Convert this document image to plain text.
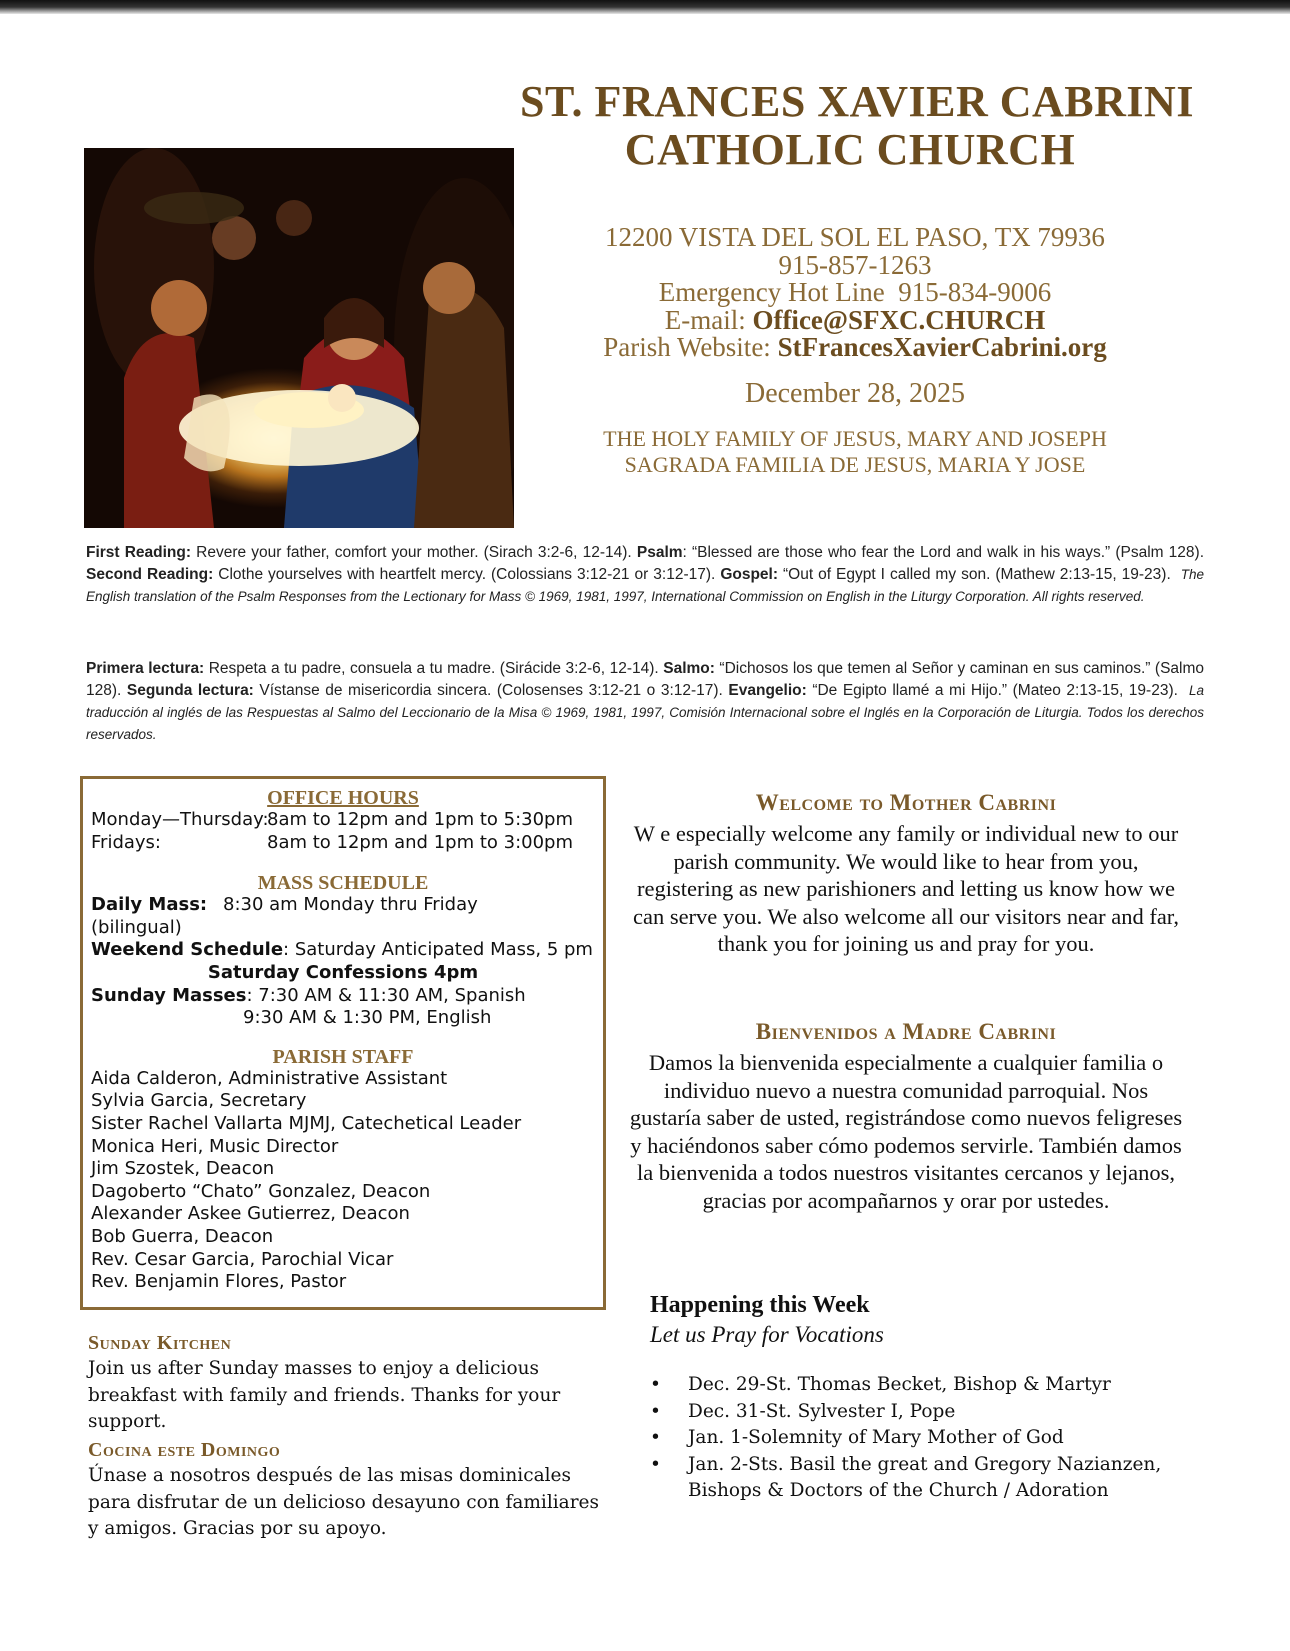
ST. FRANCES XAVIER CABRINI
CATHOLIC CHURCH
12200 VISTA DEL SOL EL PASO, TX 79936
915-857-1263
Emergency Hot Line 915-834-9006
E-mail: Office@SFXC.CHURCH
Parish Website: StFrancesXavierCabrini.org
December 28, 2025
THE HOLY FAMILY OF JESUS, MARY AND JOSEPH
SAGRADA FAMILIA DE JESUS, MARIA Y JOSE
First Reading: Revere your father, comfort your mother. (Sirach 3:2-6, 12-14). Psalm: “Blessed are those who fear the Lord and walk in his ways.” (Psalm 128). Second Reading: Clothe yourselves with heartfelt mercy. (Colossians 3:12-21 or 3:12-17). Gospel: “Out of Egypt I called my son. (Mathew 2:13-15, 19-23).  The English translation of the Psalm Responses from the Lectionary for Mass © 1969, 1981, 1997, International Commission on English in the Liturgy Corporation. All rights reserved.
Primera lectura: Respeta a tu padre, consuela a tu madre. (Sirácide 3:2-6, 12-14). Salmo: “Dichosos los que temen al Señor y caminan en sus caminos.” (Salmo 128). Segunda lectura: Vístanse de misericordia sincera. (Colosenses 3:12-21 o 3:12-17). Evangelio: “De Egipto llamé a mi Hijo.” (Mateo 2:13-15, 19-23).  La traducción al inglés de las Respuestas al Salmo del Leccionario de la Misa © 1969, 1981, 1997, Comisión Internacional sobre el Inglés en la Corporación de Liturgia. Todos los derechos reservados.
OFFICE HOURS
Monday—Thursday:
8am to 12pm and 1pm to 5:30pm
Fridays:	8am to 12pm and 1pm to 3:00pm
MASS SCHEDULE
Daily Mass: 8:30 am Monday thru Friday
(bilingual)
Weekend Schedule: Saturday Anticipated Mass, 5 pm
Saturday Confessions 4pm
Sunday Masses: 7:30 AM & 11:30 AM, Spanish
9:30 AM & 1:30 PM, English
PARISH STAFF
Aida Calderon, Administrative Assistant
Sylvia Garcia, Secretary
Sister Rachel Vallarta MJMJ, Catechetical Leader
Monica Heri, Music Director
Jim Szostek, Deacon
Dagoberto “Chato” Gonzalez, Deacon
Alexander Askee Gutierrez, Deacon
Bob Guerra, Deacon
Rev. Cesar Garcia, Parochial Vicar
Rev. Benjamin Flores, Pastor
Welcome to Mother Cabrini

W e especially welcome any family or individual new to our parish community. We would like to hear from you, registering as new parishioners and letting us know how we can serve you. We also welcome all our visitors near and far, thank you for joining us and pray for you.

Bienvenidos a Madre Cabrini

Damos la bienvenida especialmente a cualquier familia o individuo nuevo a nuestra comunidad parroquial. Nos gustaría saber de usted, registrándose como nuevos feligreses y haciéndonos saber cómo podemos servirle. También damos la bienvenida a todos nuestros visitantes cercanos y lejanos, gracias por acompañarnos y orar por ustedes.

Happening this Week
Let us Pray for Vocations
• Dec. 29-St. Thomas Becket, Bishop & Martyr
• Dec. 31-St. Sylvester I, Pope
• Jan. 1-Solemnity of Mary Mother of God
• Jan. 2-Sts. Basil the great and Gregory Nazianzen, Bishops & Doctors of the Church / Adoration
Sunday Kitchen
Join us after Sunday masses to enjoy a delicious breakfast with family and friends. Thanks for your support.
Cocina este Domingo
Únase a nosotros después de las misas dominicales para disfrutar de un delicioso desayuno con familiares y amigos. Gracias por su apoyo.
